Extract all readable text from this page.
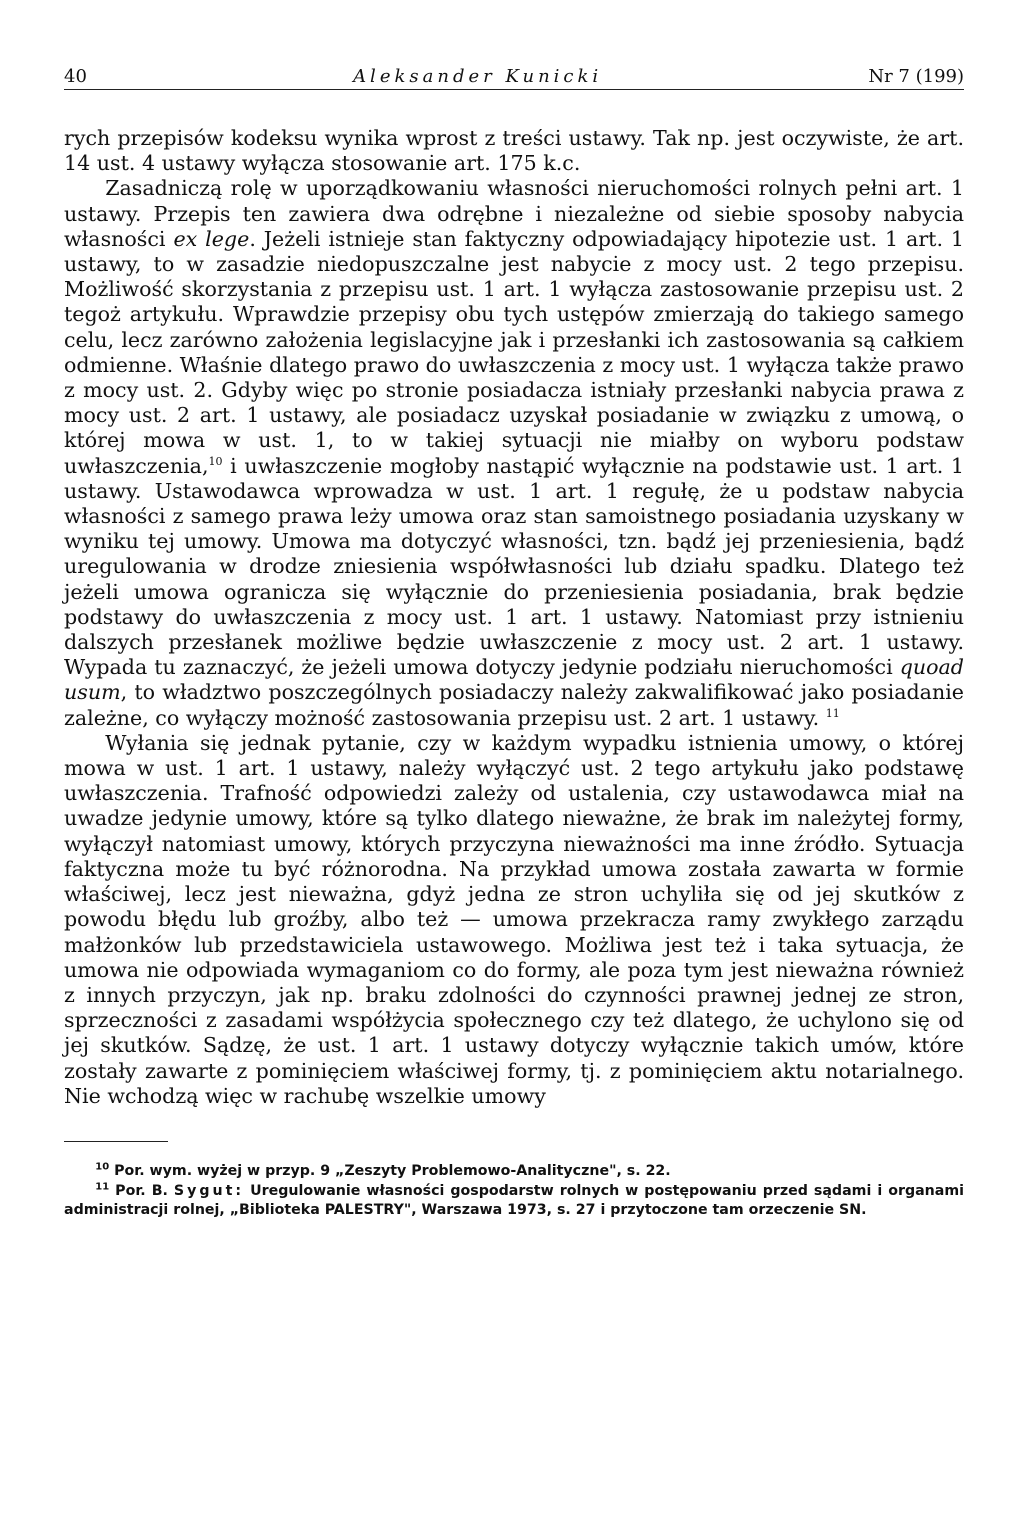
40	Aleksander Kunicki	Nr 7 (199)

rych przepisów kodeksu wynika wprost z treści ustawy. Tak np. jest oczywiste, że art. 14 ust. 4 ustawy wyłącza stosowanie art. 175 k.c.

Zasadniczą rolę w uporządkowaniu własności nieruchomości rolnych pełni art. 1 ustawy. Przepis ten zawiera dwa odrębne i niezależne od siebie sposoby nabycia własności ex lege. Jeżeli istnieje stan faktyczny odpowiadający hipotezie ust. 1 art. 1 ustawy, to w zasadzie niedopuszczalne jest nabycie z mocy ust. 2 tego przepisu. Możliwość skorzystania z przepisu ust. 1 art. 1 wyłącza zastosowanie przepisu ust. 2 tegoż artykułu. Wprawdzie przepisy obu tych ustępów zmierzają do takiego samego celu, lecz zarówno założenia legislacyjne jak i przesłanki ich zastosowania są całkiem odmienne. Właśnie dlatego prawo do uwłaszczenia z mocy ust. 1 wyłącza także prawo z mocy ust. 2. Gdyby więc po stronie posiadacza istniały przesłanki nabycia prawa z mocy ust. 2 art. 1 ustawy, ale posiadacz uzyskał posiadanie w związku z umową, o której mowa w ust. 1, to w takiej sytuacji nie miałby on wyboru podstaw uwłaszczenia,$^{10}$ i uwłaszczenie mogłoby nastąpić wyłącznie na podstawie ust. 1 art. 1 ustawy. Ustawodawca wprowadza w ust. 1 art. 1 regułę, że u podstaw nabycia własności z samego prawa leży umowa oraz stan samoistnego posiadania uzyskany w wyniku tej umowy. Umowa ma dotyczyć własności, tzn. bądź jej przeniesienia, bądź uregulowania w drodze zniesienia współwłasności lub działu spadku. Dlatego też jeżeli umowa ogranicza się wyłącznie do przeniesienia posiadania, brak będzie podstawy do uwłaszczenia z mocy ust. 1 art. 1 ustawy. Natomiast przy istnieniu dalszych przesłanek możliwe będzie uwłaszczenie z mocy ust. 2 art. 1 ustawy. Wypada tu zaznaczyć, że jeżeli umowa dotyczy jedynie podziału nieruchomości quoad usum, to władztwo poszczególnych posiadaczy należy zakwalifikować jako posiadanie zależne, co wyłączy możność zastosowania przepisu ust. 2 art. 1 ustawy. $^{11}$

Wyłania się jednak pytanie, czy w każdym wypadku istnienia umowy, o której mowa w ust. 1 art. 1 ustawy, należy wyłączyć ust. 2 tego artykułu jako podstawę uwłaszczenia. Trafność odpowiedzi zależy od ustalenia, czy ustawodawca miał na uwadze jedynie umowy, które są tylko dlatego nieważne, że brak im należytej formy, wyłączył natomiast umowy, których przyczyna nieważności ma inne źródło. Sytuacja faktyczna może tu być różnorodna. Na przykład umowa została zawarta w formie właściwej, lecz jest nieważna, gdyż jedna ze stron uchyliła się od jej skutków z powodu błędu lub groźby, albo też — umowa przekracza ramy zwykłego zarządu małżonków lub przedstawiciela ustawowego. Możliwa jest też i taka sytuacja, że umowa nie odpowiada wymaganiom co do formy, ale poza tym jest nieważna również z innych przyczyn, jak np. braku zdolności do czynności prawnej jednej ze stron, sprzeczności z zasadami współżycia społecznego czy też dlatego, że uchylono się od jej skutków. Sądzę, że ust. 1 art. 1 ustawy dotyczy wyłącznie takich umów, które zostały zawarte z pominięciem właściwej formy, tj. z pominięciem aktu notarialnego. Nie wchodzą więc w rachubę wszelkie umowy

$^{10}$ Por. wym. wyżej w przyp. 9 „Zeszyty Problemowo-Analityczne", s. 22.

$^{11}$ Por. B. Sygut: Uregulowanie własności gospodarstw rolnych w postępowaniu przed sądami i organami administracji rolnej, „Biblioteka PALESTRY", Warszawa 1973, s. 27 i przytoczone tam orzeczenie SN.
